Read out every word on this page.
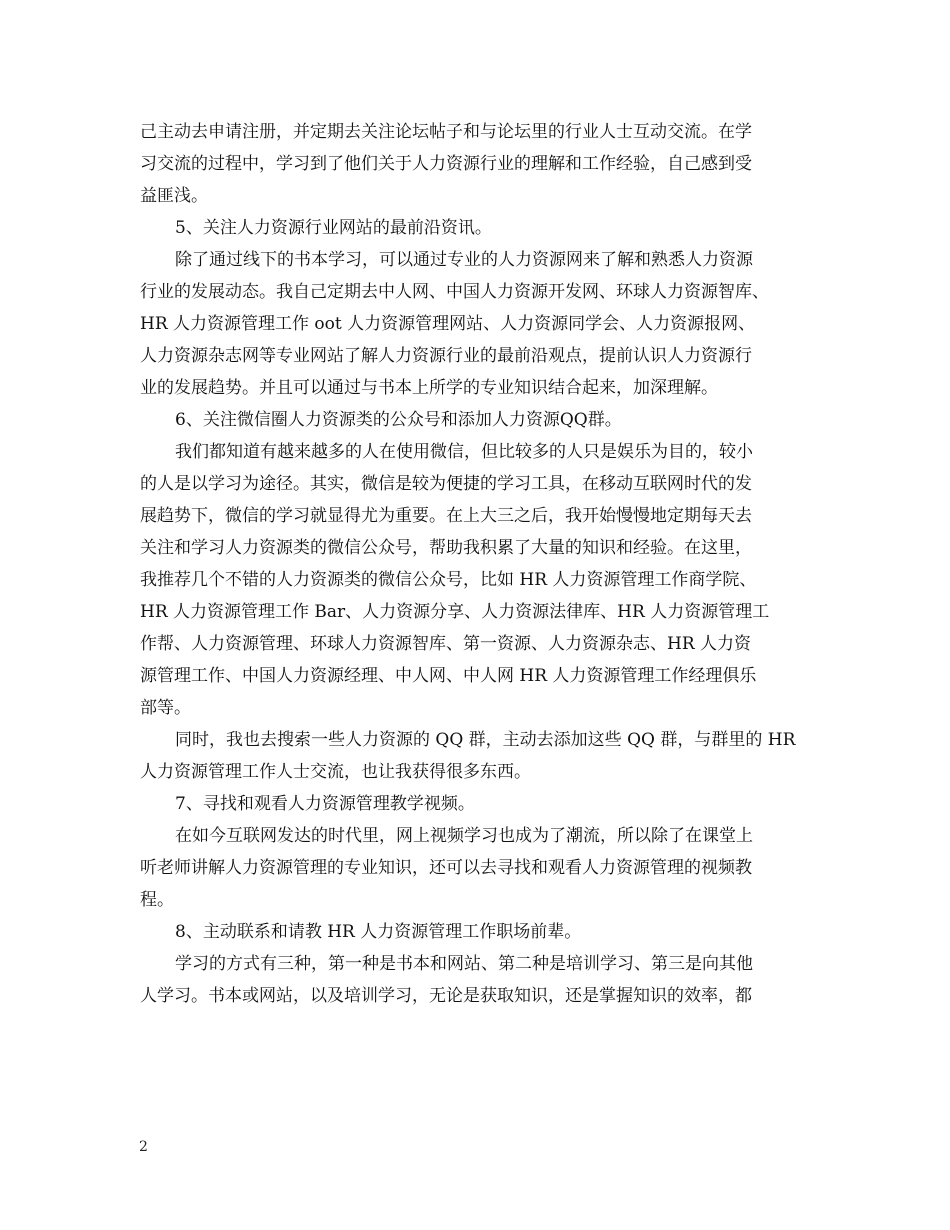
己主动去申请注册，并定期去关注论坛帖子和与论坛里的行业人士互动交流。在学
习交流的过程中，学习到了他们关于人力资源行业的理解和工作经验，自己感到受
益匪浅。
5、关注人力资源行业网站的最前沿资讯。
除了通过线下的书本学习，可以通过专业的人力资源网来了解和熟悉人力资源
行业的发展动态。我自己定期去中人网、中国人力资源开发网、环球人力资源智库、
HR 人力资源管理工作 oot 人力资源管理网站、人力资源同学会、人力资源报网、
人力资源杂志网等专业网站了解人力资源行业的最前沿观点，提前认识人力资源行
业的发展趋势。并且可以通过与书本上所学的专业知识结合起来，加深理解。
6、关注微信圈人力资源类的公众号和添加人力资源QQ群。
我们都知道有越来越多的人在使用微信，但比较多的人只是娱乐为目的，较小
的人是以学习为途径。其实，微信是较为便捷的学习工具，在移动互联网时代的发
展趋势下，微信的学习就显得尤为重要。在上大三之后，我开始慢慢地定期每天去
关注和学习人力资源类的微信公众号，帮助我积累了大量的知识和经验。在这里，
我推荐几个不错的人力资源类的微信公众号，比如 HR 人力资源管理工作商学院、
HR 人力资源管理工作 Bar、人力资源分享、人力资源法律库、HR 人力资源管理工
作帮、人力资源管理、环球人力资源智库、第一资源、人力资源杂志、HR 人力资
源管理工作、中国人力资源经理、中人网、中人网 HR 人力资源管理工作经理俱乐
部等。
同时，我也去搜索一些人力资源的 QQ 群，主动去添加这些 QQ 群，与群里的 HR
人力资源管理工作人士交流，也让我获得很多东西。
7、寻找和观看人力资源管理教学视频。
在如今互联网发达的时代里，网上视频学习也成为了潮流，所以除了在课堂上
听老师讲解人力资源管理的专业知识，还可以去寻找和观看人力资源管理的视频教
程。
8、主动联系和请教 HR 人力资源管理工作职场前辈。
学习的方式有三种，第一种是书本和网站、第二种是培训学习、第三是向其他
人学习。书本或网站，以及培训学习，无论是获取知识，还是掌握知识的效率，都
2
